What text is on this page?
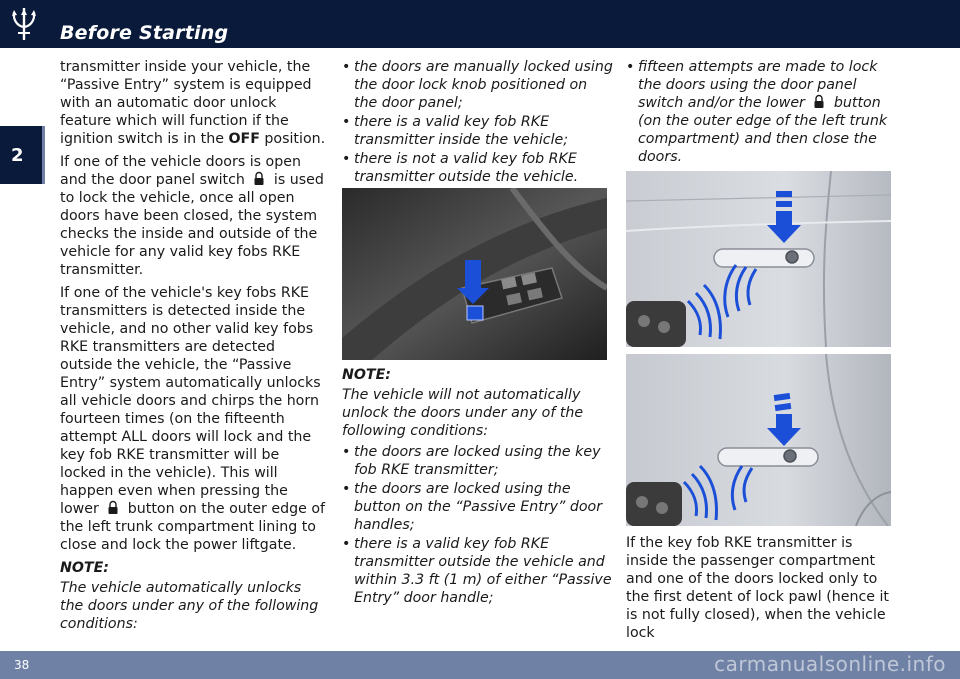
Before Starting
2

transmitter inside your vehicle, the “Passive Entry” system is equipped with an automatic door unlock feature which will function if the ignition switch is in the OFF position.

If one of the vehicle doors is open and the door panel switch  is used to lock the vehicle, once all open doors have been closed, the system checks the inside and outside of the vehicle for any valid key fobs RKE transmitter.

If one of the vehicle's key fobs RKE transmitters is detected inside the vehicle, and no other valid key fobs RKE transmitters are detected outside the vehicle, the “Passive Entry” system automatically unlocks all vehicle doors and chirps the horn fourteen times (on the fifteenth attempt ALL doors will lock and the key fob RKE transmitter will be locked in the vehicle). This will happen even when pressing the lower  button on the outer edge of the left trunk compartment lining to close and lock the power liftgate.

NOTE:
The vehicle automatically unlocks the doors under any of the following conditions:
• the doors are manually locked using the door lock knob positioned on the door panel;
• there is a valid key fob RKE transmitter inside the vehicle;
• there is not a valid key fob RKE transmitter outside the vehicle.
NOTE:
The vehicle will not automatically unlock the doors under any of the following conditions:
• the doors are locked using the key fob RKE transmitter;
• the doors are locked using the button on the “Passive Entry” door handles;
• there is a valid key fob RKE transmitter outside the vehicle and within 3.3 ft (1 m) of either “Passive Entry” door handle;
• fifteen attempts are made to lock the doors using the door panel switch and/or the lower  button (on the outer edge of the left trunk compartment) and then close the doors.

If the key fob RKE transmitter is inside the passenger compartment and one of the doors locked only to the first detent of lock pawl (hence it is not fully closed), when the vehicle lock

38	carmanualsonline.info
